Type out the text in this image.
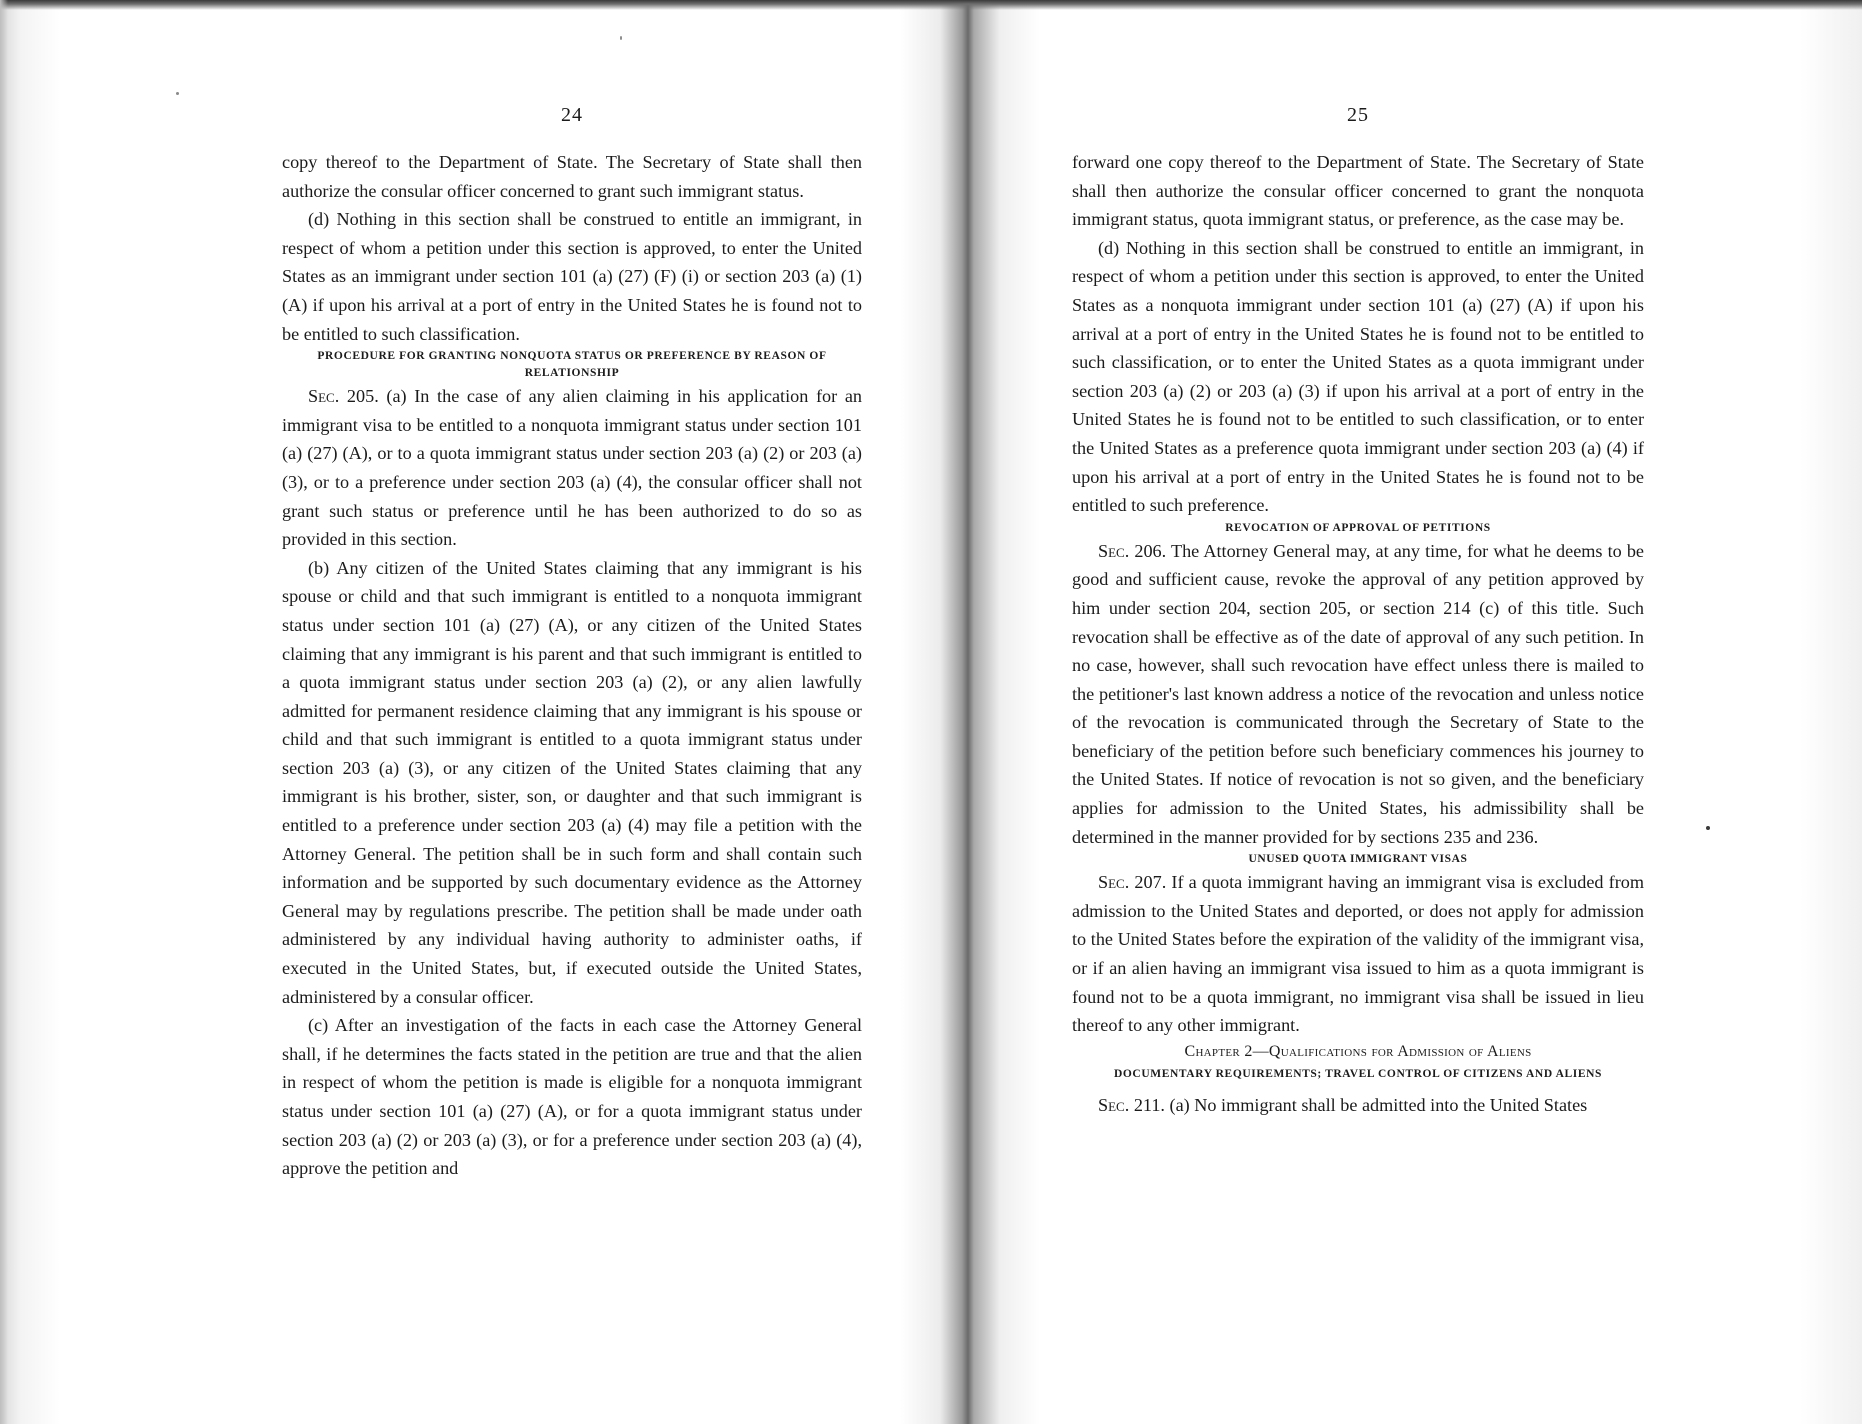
24

copy thereof to the Department of State. The Secretary of State shall then authorize the consular officer concerned to grant such immigrant status.

(d) Nothing in this section shall be construed to entitle an immigrant, in respect of whom a petition under this section is approved, to enter the United States as an immigrant under section 101 (a) (27) (F) (i) or section 203 (a) (1) (A) if upon his arrival at a port of entry in the United States he is found not to be entitled to such classification.

PROCEDURE FOR GRANTING NONQUOTA STATUS OR PREFERENCE BY REASON OF RELATIONSHIP

Sec. 205. (a) In the case of any alien claiming in his application for an immigrant visa to be entitled to a nonquota immigrant status under section 101 (a) (27) (A), or to a quota immigrant status under section 203 (a) (2) or 203 (a) (3), or to a preference under section 203 (a) (4), the consular officer shall not grant such status or preference until he has been authorized to do so as provided in this section.

(b) Any citizen of the United States claiming that any immigrant is his spouse or child and that such immigrant is entitled to a nonquota immigrant status under section 101 (a) (27) (A), or any citizen of the United States claiming that any immigrant is his parent and that such immigrant is entitled to a quota immigrant status under section 203 (a) (2), or any alien lawfully admitted for permanent residence claiming that any immigrant is his spouse or child and that such immigrant is entitled to a quota immigrant status under section 203 (a) (3), or any citizen of the United States claiming that any immigrant is his brother, sister, son, or daughter and that such immigrant is entitled to a preference under section 203 (a) (4) may file a petition with the Attorney General. The petition shall be in such form and shall contain such information and be supported by such documentary evidence as the Attorney General may by regulations prescribe. The petition shall be made under oath administered by any individual having authority to administer oaths, if executed in the United States, but, if executed outside the United States, administered by a consular officer.

(c) After an investigation of the facts in each case the Attorney General shall, if he determines the facts stated in the petition are true and that the alien in respect of whom the petition is made is eligible for a nonquota immigrant status under section 101 (a) (27) (A), or for a quota immigrant status under section 203 (a) (2) or 203 (a) (3), or for a preference under section 203 (a) (4), approve the petition and

25

forward one copy thereof to the Department of State. The Secretary of State shall then authorize the consular officer concerned to grant the nonquota immigrant status, quota immigrant status, or preference, as the case may be.

(d) Nothing in this section shall be construed to entitle an immigrant, in respect of whom a petition under this section is approved, to enter the United States as a nonquota immigrant under section 101 (a) (27) (A) if upon his arrival at a port of entry in the United States he is found not to be entitled to such classification, or to enter the United States as a quota immigrant under section 203 (a) (2) or 203 (a) (3) if upon his arrival at a port of entry in the United States he is found not to be entitled to such classification, or to enter the United States as a preference quota immigrant under section 203 (a) (4) if upon his arrival at a port of entry in the United States he is found not to be entitled to such preference.

REVOCATION OF APPROVAL OF PETITIONS

Sec. 206. The Attorney General may, at any time, for what he deems to be good and sufficient cause, revoke the approval of any petition approved by him under section 204, section 205, or section 214 (c) of this title. Such revocation shall be effective as of the date of approval of any such petition. In no case, however, shall such revocation have effect unless there is mailed to the petitioner's last known address a notice of the revocation and unless notice of the revocation is communicated through the Secretary of State to the beneficiary of the petition before such beneficiary commences his journey to the United States. If notice of revocation is not so given, and the beneficiary applies for admission to the United States, his admissibility shall be determined in the manner provided for by sections 235 and 236.

UNUSED QUOTA IMMIGRANT VISAS

Sec. 207. If a quota immigrant having an immigrant visa is excluded from admission to the United States and deported, or does not apply for admission to the United States before the expiration of the validity of the immigrant visa, or if an alien having an immigrant visa issued to him as a quota immigrant is found not to be a quota immigrant, no immigrant visa shall be issued in lieu thereof to any other immigrant.

Chapter 2—Qualifications for Admission of Aliens

DOCUMENTARY REQUIREMENTS; TRAVEL CONTROL OF CITIZENS AND ALIENS

Sec. 211. (a) No immigrant shall be admitted into the United States
